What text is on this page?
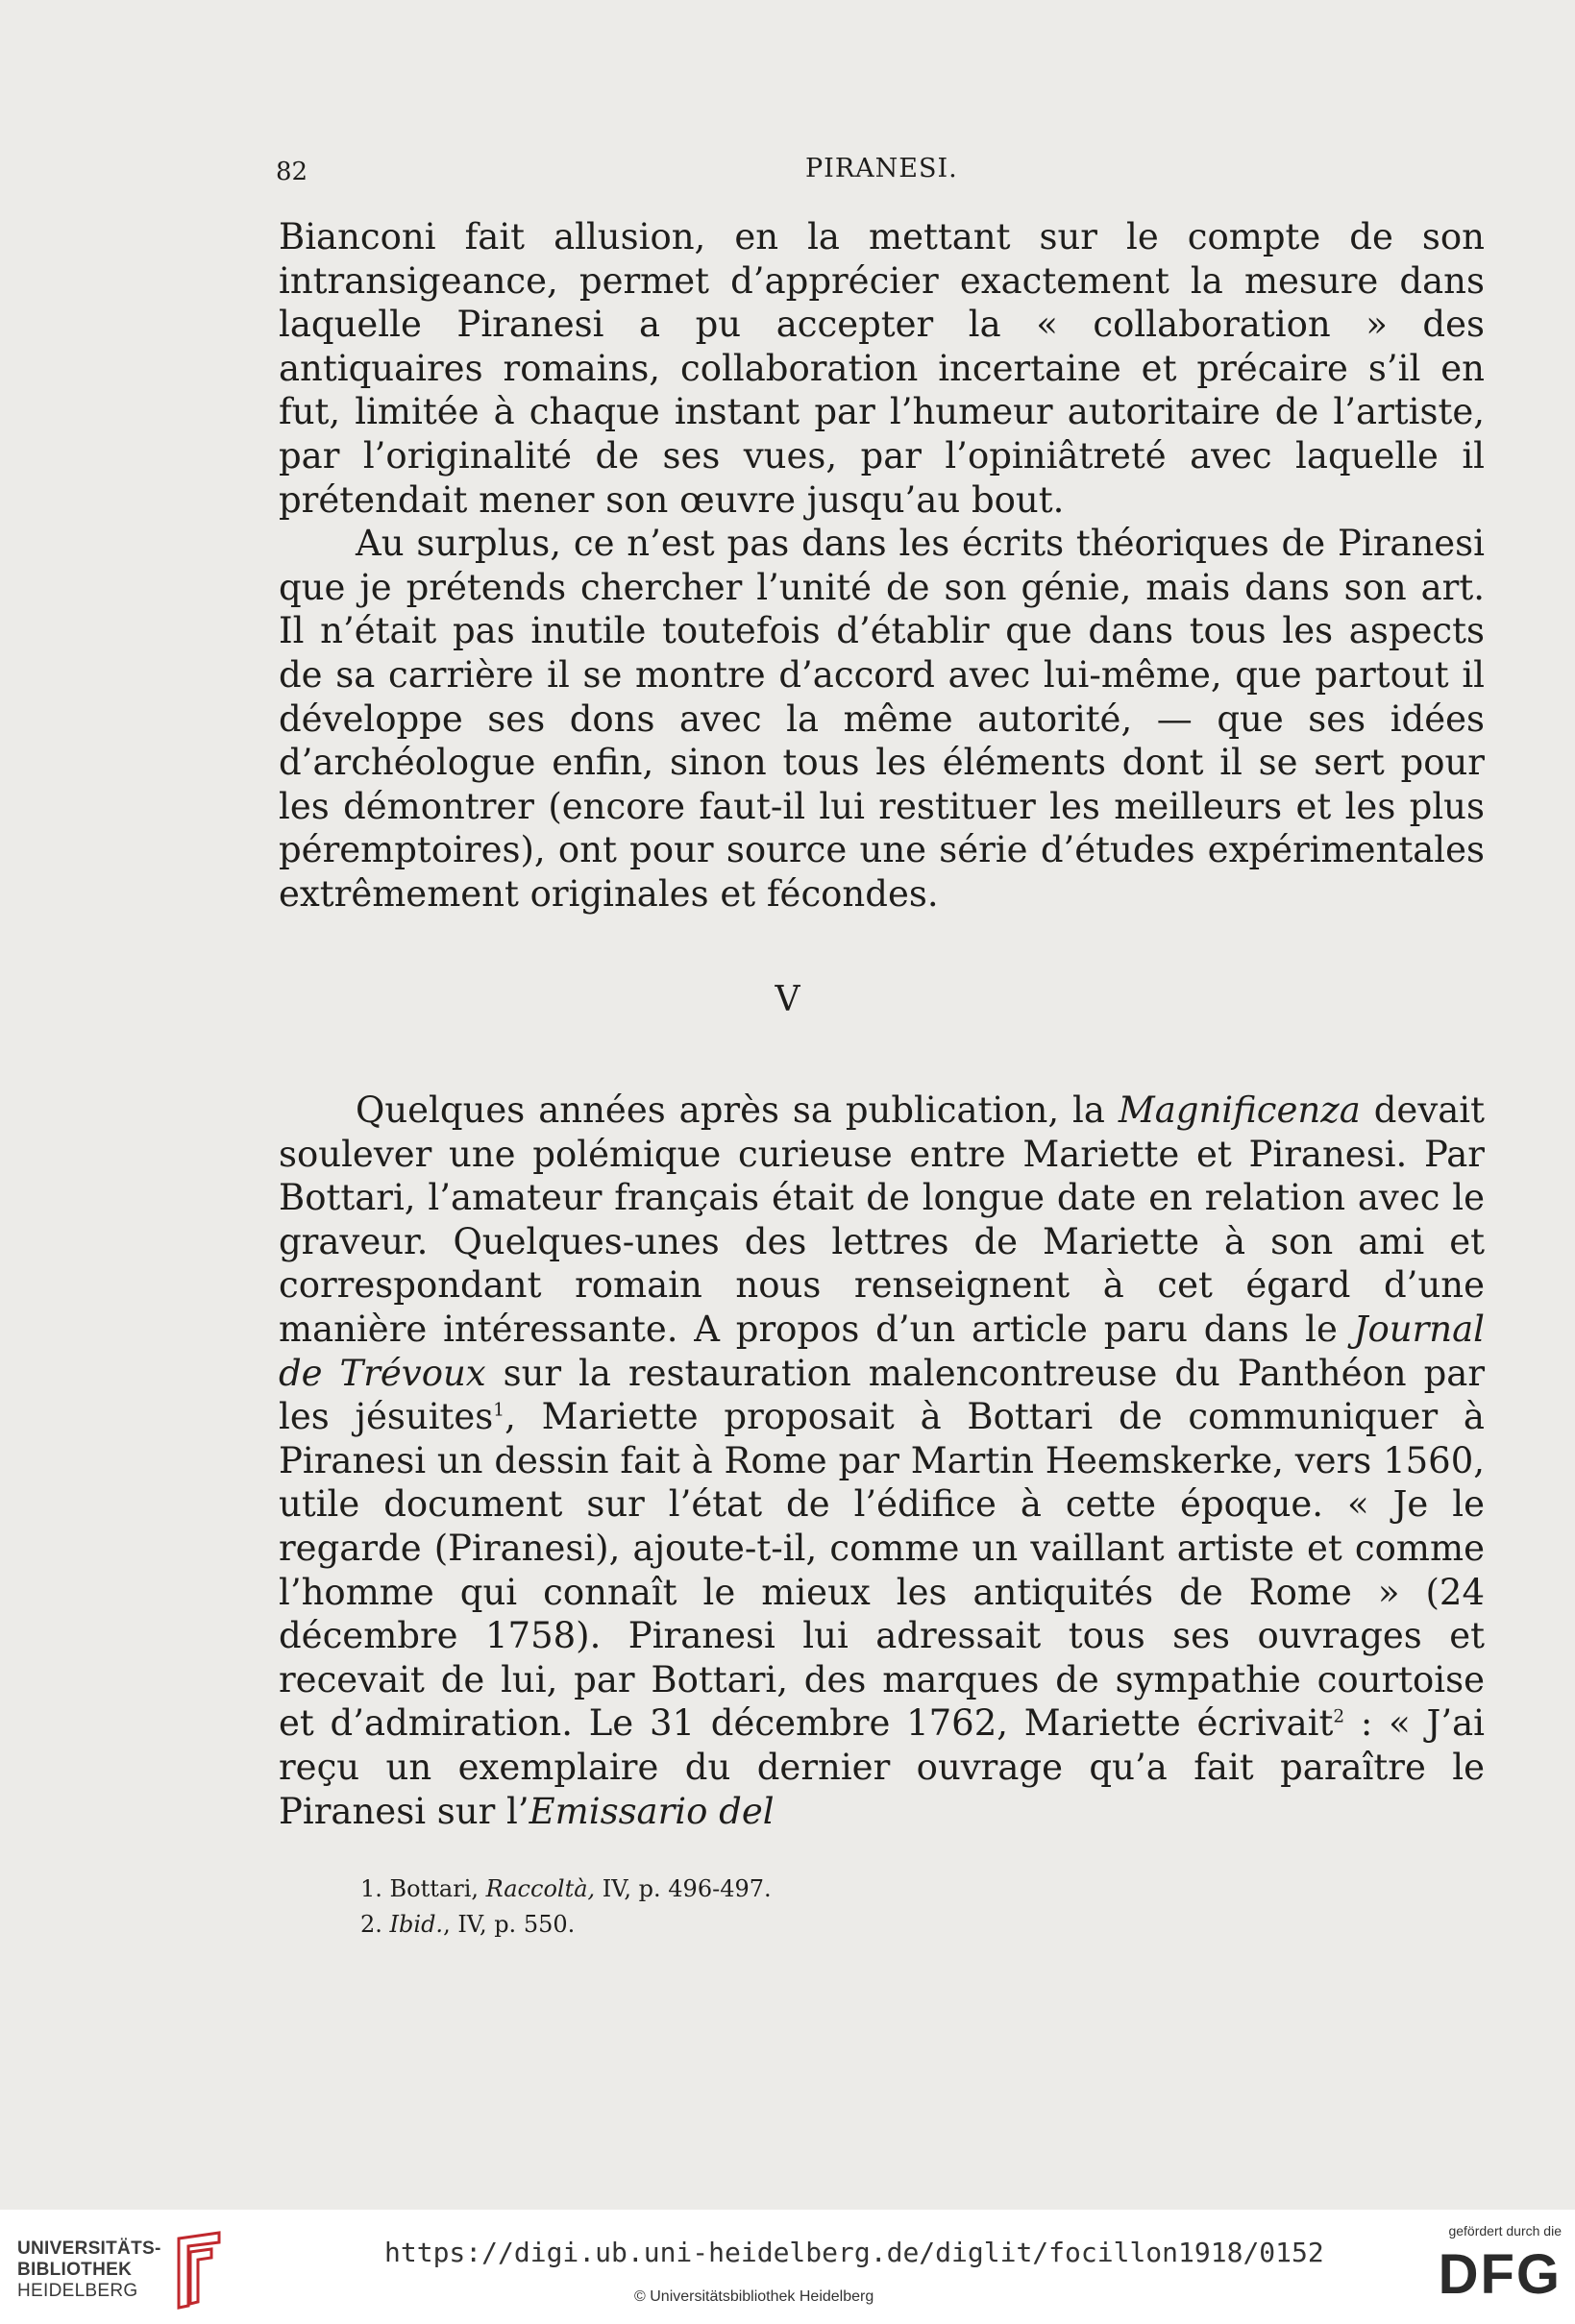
82	PIRANESI.

Bianconi fait allusion, en la mettant sur le compte de son intransigeance, permet d’apprécier exactement la mesure dans laquelle Piranesi a pu accepter la « collaboration » des antiquaires romains, collaboration incertaine et précaire s’il en fut, limitée à chaque instant par l’humeur autoritaire de l’artiste, par l’originalité de ses vues, par l’opiniâtreté avec laquelle il prétendait mener son œuvre jusqu’au bout.

Au surplus, ce n’est pas dans les écrits théoriques de Piranesi que je prétends chercher l’unité de son génie, mais dans son art. Il n’était pas inutile toutefois d’établir que dans tous les aspects de sa carrière il se montre d’accord avec lui-même, que partout il développe ses dons avec la même autorité, — que ses idées d’archéologue enfin, sinon tous les éléments dont il se sert pour les démontrer (encore faut-il lui restituer les meilleurs et les plus péremptoires), ont pour source une série d’études expérimentales extrêmement originales et fécondes.

V

Quelques années après sa publication, la Magnificenza devait soulever une polémique curieuse entre Mariette et Piranesi. Par Bottari, l’amateur français était de longue date en relation avec le graveur. Quelques-unes des lettres de Mariette à son ami et correspondant romain nous renseignent à cet égard d’une manière intéressante. A propos d’un article paru dans le Journal de Trévoux sur la restauration malencontreuse du Panthéon par les jésuites$^1$, Mariette proposait à Bottari de communiquer à Piranesi un dessin fait à Rome par Martin Heemskerke, vers 1560, utile document sur l’état de l’édifice à cette époque. « Je le regarde (Piranesi), ajoute-t-il, comme un vaillant artiste et comme l’homme qui connaît le mieux les antiquités de Rome » (24 décembre 1758). Piranesi lui adressait tous ses ouvrages et recevait de lui, par Bottari, des marques de sympathie courtoise et d’admiration. Le 31 décembre 1762, Mariette écrivait$^2$ : « J’ai reçu un exemplaire du dernier ouvrage qu’a fait paraître le Piranesi sur l’Emissario del

1. Bottari, Raccoltà, IV, p. 496-497.
2. Ibid., IV, p. 550.
UNIVERSITÄTS-
BIBLIOTHEK
HEIDELBERG
https://digi.ub.uni-heidelberg.de/diglit/focillon1918/0152
© Universitätsbibliothek Heidelberg
gefördert durch die
DFG
